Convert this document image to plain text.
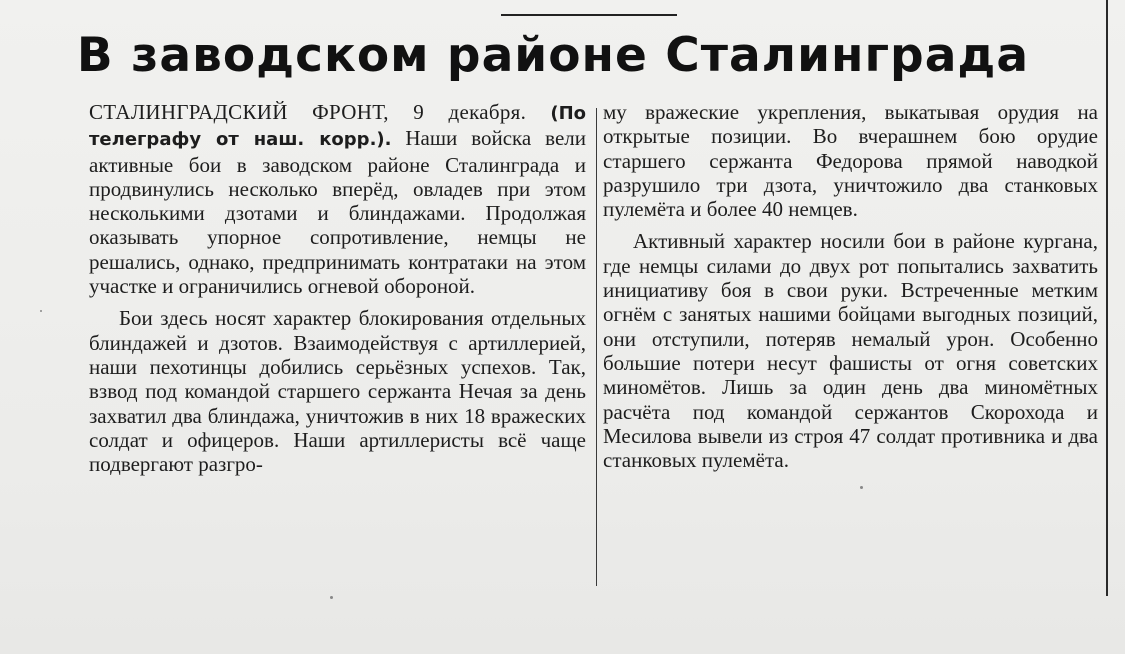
В заводском районе Сталинграда

СТАЛИНГРАДСКИЙ ФРОНТ, 9 декабря. (По телеграфу от наш. корр.). Наши войска вели активные бои в заводском районе Сталинграда и продвинулись несколько вперёд, овладев при этом несколькими дзотами и блиндажами. Продолжая оказывать упорное сопротивление, немцы не решались, однако, предпринимать контратаки на этом участке и ограничились огневой обороной.

Бои здесь носят характер блокирования отдельных блиндажей и дзотов. Взаимодействуя с артиллерией, наши пехотинцы добились серьёзных успехов. Так, взвод под командой старшего сержанта Нечая за день захватил два блиндажа, уничтожив в них 18 вражеских солдат и офицеров. Наши артиллеристы всё чаще подвергают разгро-

му вражеские укрепления, выкатывая орудия на открытые позиции. Во вчерашнем бою орудие старшего сержанта Федорова прямой наводкой разрушило три дзота, уничтожило два станковых пулемёта и более 40 немцев.

Активный характер носили бои в районе кургана, где немцы силами до двух рот попытались захватить инициативу боя в свои руки. Встреченные метким огнём с занятых нашими бойцами выгодных позиций, они отступили, потеряв немалый урон. Особенно большие потери несут фашисты от огня советских миномётов. Лишь за один день два миномётных расчёта под командой сержантов Скорохода и Месилова вывели из строя 47 солдат противника и два станковых пулемёта.
